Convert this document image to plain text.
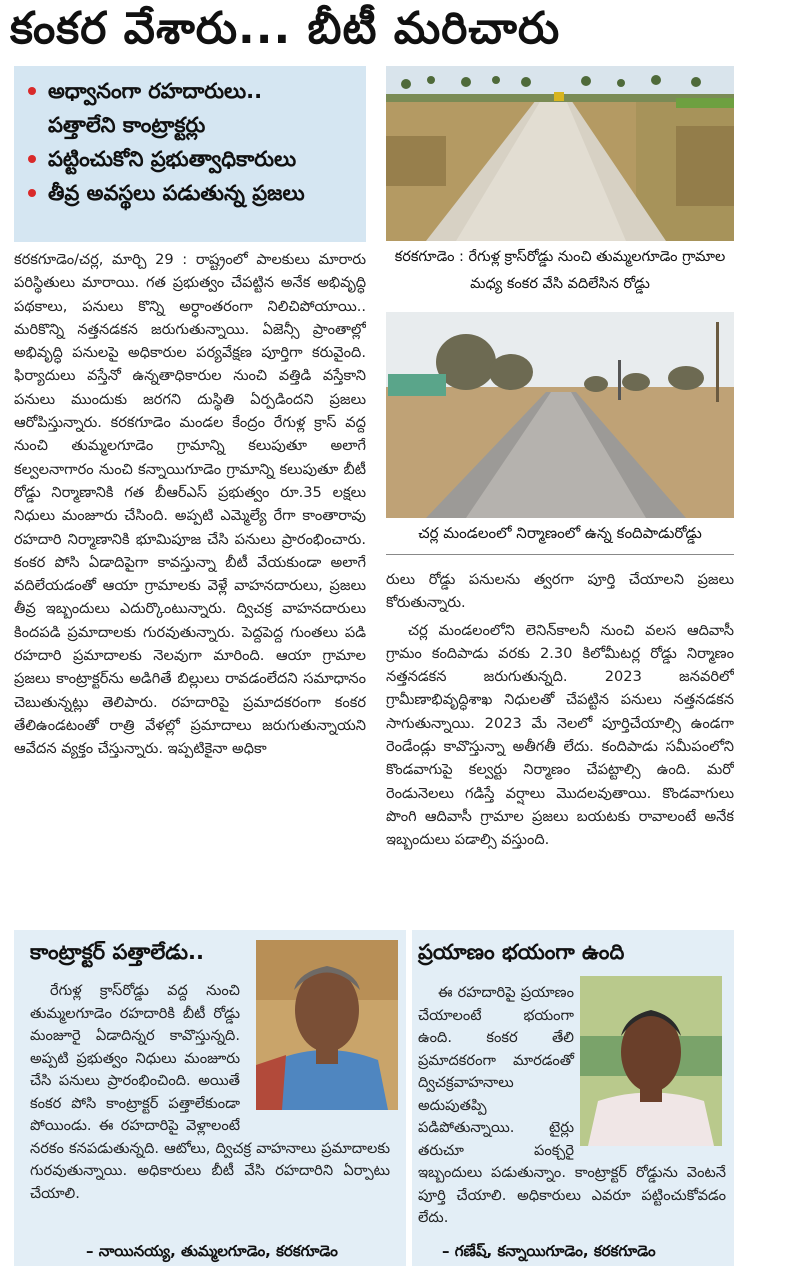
కంకర వేశారు... బీటీ మరిచారు
అధ్వానంగా రహదారులు..
పత్తాలేని కాంట్రాక్టర్లు
పట్టించుకోని ప్రభుత్వాధికారులు
తీవ్ర అవస్థలు పడుతున్న ప్రజలు
కరకగూడెం : రేగుళ్ల క్రాస్‌రోడ్డు నుంచి తుమ్మలగూడెం గ్రామాల మధ్య కంకర వేసి వదిలేసిన రోడ్డు
చర్ల మండలంలో నిర్మాణంలో ఉన్న కందిపాడురోడ్డు

కరకగూడెం/చర్ల, మార్చి 29 : రాష్ట్రంలో పాలకులు మారారు పరిస్థితులు మారాయి. గత ప్రభుత్వం చేపట్టిన అనేక అభివృద్ధి పథకాలు, పనులు కొన్ని అర్ధాంతరంగా నిలిచిపోయాయి.. మరికొన్ని నత్తనడకన జరుగుతున్నాయి. ఏజెన్సీ ప్రాంతాల్లో అభివృద్ధి పనులపై అధికారుల పర్యవేక్షణ పూర్తిగా కరువైంది. ఫిర్యాదులు వస్తేనో ఉన్నతాధికారుల నుంచి వత్తిడి వస్తేకాని పనులు ముందుకు జరగని దుస్థితి ఏర్పడిందని ప్రజలు ఆరోపిస్తున్నారు. కరకగూడెం మండల కేంద్రం రేగుళ్ల క్రాస్ వద్ద నుంచి తుమ్మలగూడెం గ్రామాన్ని కలుపుతూ అలాగే కల్వలనాగారం నుంచి కన్నాయిగూడెం గ్రామాన్ని కలుపుతూ బీటీ రోడ్డు నిర్మాణానికి గత బీఆర్ఎస్ ప్రభుత్వం రూ.35 లక్షలు నిధులు మంజూరు చేసింది. అప్పటి ఎమ్మెల్యే రేగా కాంతారావు రహదారి నిర్మాణానికి భూమిపూజ చేసి పనులు ప్రారంభించారు. కంకర పోసి ఏడాదిపైగా కావస్తున్నా బీటీ వేయకుండా అలాగే వదిలేయడంతో ఆయా గ్రామాలకు వెళ్లే వాహనదారులు, ప్రజలు తీవ్ర ఇబ్బందులు ఎదుర్కొంటున్నారు. ద్విచక్ర వాహనదారులు కిందపడి ప్రమాదాలకు గురవుతున్నారు. పెద్దపెద్ద గుంతలు పడి రహదారి ప్రమాదాలకు నెలవుగా మారింది. ఆయా గ్రామాల ప్రజలు కాంట్రాక్టర్‌ను అడిగితే బిల్లులు రావడంలేదని సమాధానం చెబుతున్నట్లు తెలిపారు. రహదారిపై ప్రమాదకరంగా కంకర తేలిఉండటంతో రాత్రి వేళల్లో ప్రమాదాలు జరుగుతున్నాయని ఆవేదన వ్యక్తం చేస్తున్నారు. ఇప్పటికైనా అధికా

రులు రోడ్డు పనులను త్వరగా పూర్తి చేయాలని ప్రజలు కోరుతున్నారు.

చర్ల మండలంలోని లెనిన్‌కాలనీ నుంచి వలస ఆదివాసీ గ్రామం కందిపాడు వరకు 2.30 కిలోమీటర్ల రోడ్డు నిర్మాణం నత్తనడకన జరుగుతున్నది. 2023 జనవరిలో గ్రామీణాభివృద్ధిశాఖ నిధులతో చేపట్టిన పనులు నత్తనడకన సాగుతున్నాయి. 2023 మే నెలలో పూర్తిచేయాల్సి ఉండగా రెండేండ్లు కావొస్తున్నా అతీగతీ లేదు. కందిపాడు సమీపంలోని కొండవాగుపై కల్వర్టు నిర్మాణం చేపట్టాల్సి ఉంది. మరో రెండునెలలు గడిస్తే వర్షాలు మొదలవుతాయి. కొండవాగులు పొంగి ఆదివాసీ గ్రామాల ప్రజలు బయటకు రావాలంటే అనేక ఇబ్బందులు పడాల్సి వస్తుంది.

కాంట్రాక్టర్ పత్తాలేడు..
రేగుళ్ల క్రాస్‌రోడ్డు వద్ద నుంచి తుమ్మలగూడెం రహదారికి బీటీ రోడ్డు మంజూరై ఏడాదిన్నర కావొస్తున్నది. అప్పటి ప్రభుత్వం నిధులు మంజూరు చేసి పనులు ప్రారంభించింది. అయితే కంకర పోసి కాంట్రాక్టర్ పత్తాలేకుండా పోయిండు. ఈ రహదారిపై వెళ్లాలంటే నరకం కనపడుతున్నది. ఆటోలు, ద్విచక్ర వాహనాలు ప్రమాదాలకు గురవుతున్నాయి. అధికారులు బీటీ వేసి రహదారిని ఏర్పాటు చేయాలి.
– నాయినయ్య, తుమ్మలగూడెం, కరకగూడెం
ప్రయాణం భయంగా ఉంది
ఈ రహదారిపై ప్రయాణం చేయాలంటే భయంగా ఉంది. కంకర తేలి ప్రమాదకరంగా మారడంతో ద్విచక్రవాహనాలు అదుపుతప్పి పడిపోతున్నాయి. టైర్లు తరుచూ పంక్చరై ఇబ్బందులు పడుతున్నాం. కాంట్రాక్టర్ రోడ్డును వెంటనే పూర్తి చేయాలి. అధికారులు ఎవరూ పట్టించుకోవడం లేదు.
– గణేష్, కన్నాయిగూడెం, కరకగూడెం
